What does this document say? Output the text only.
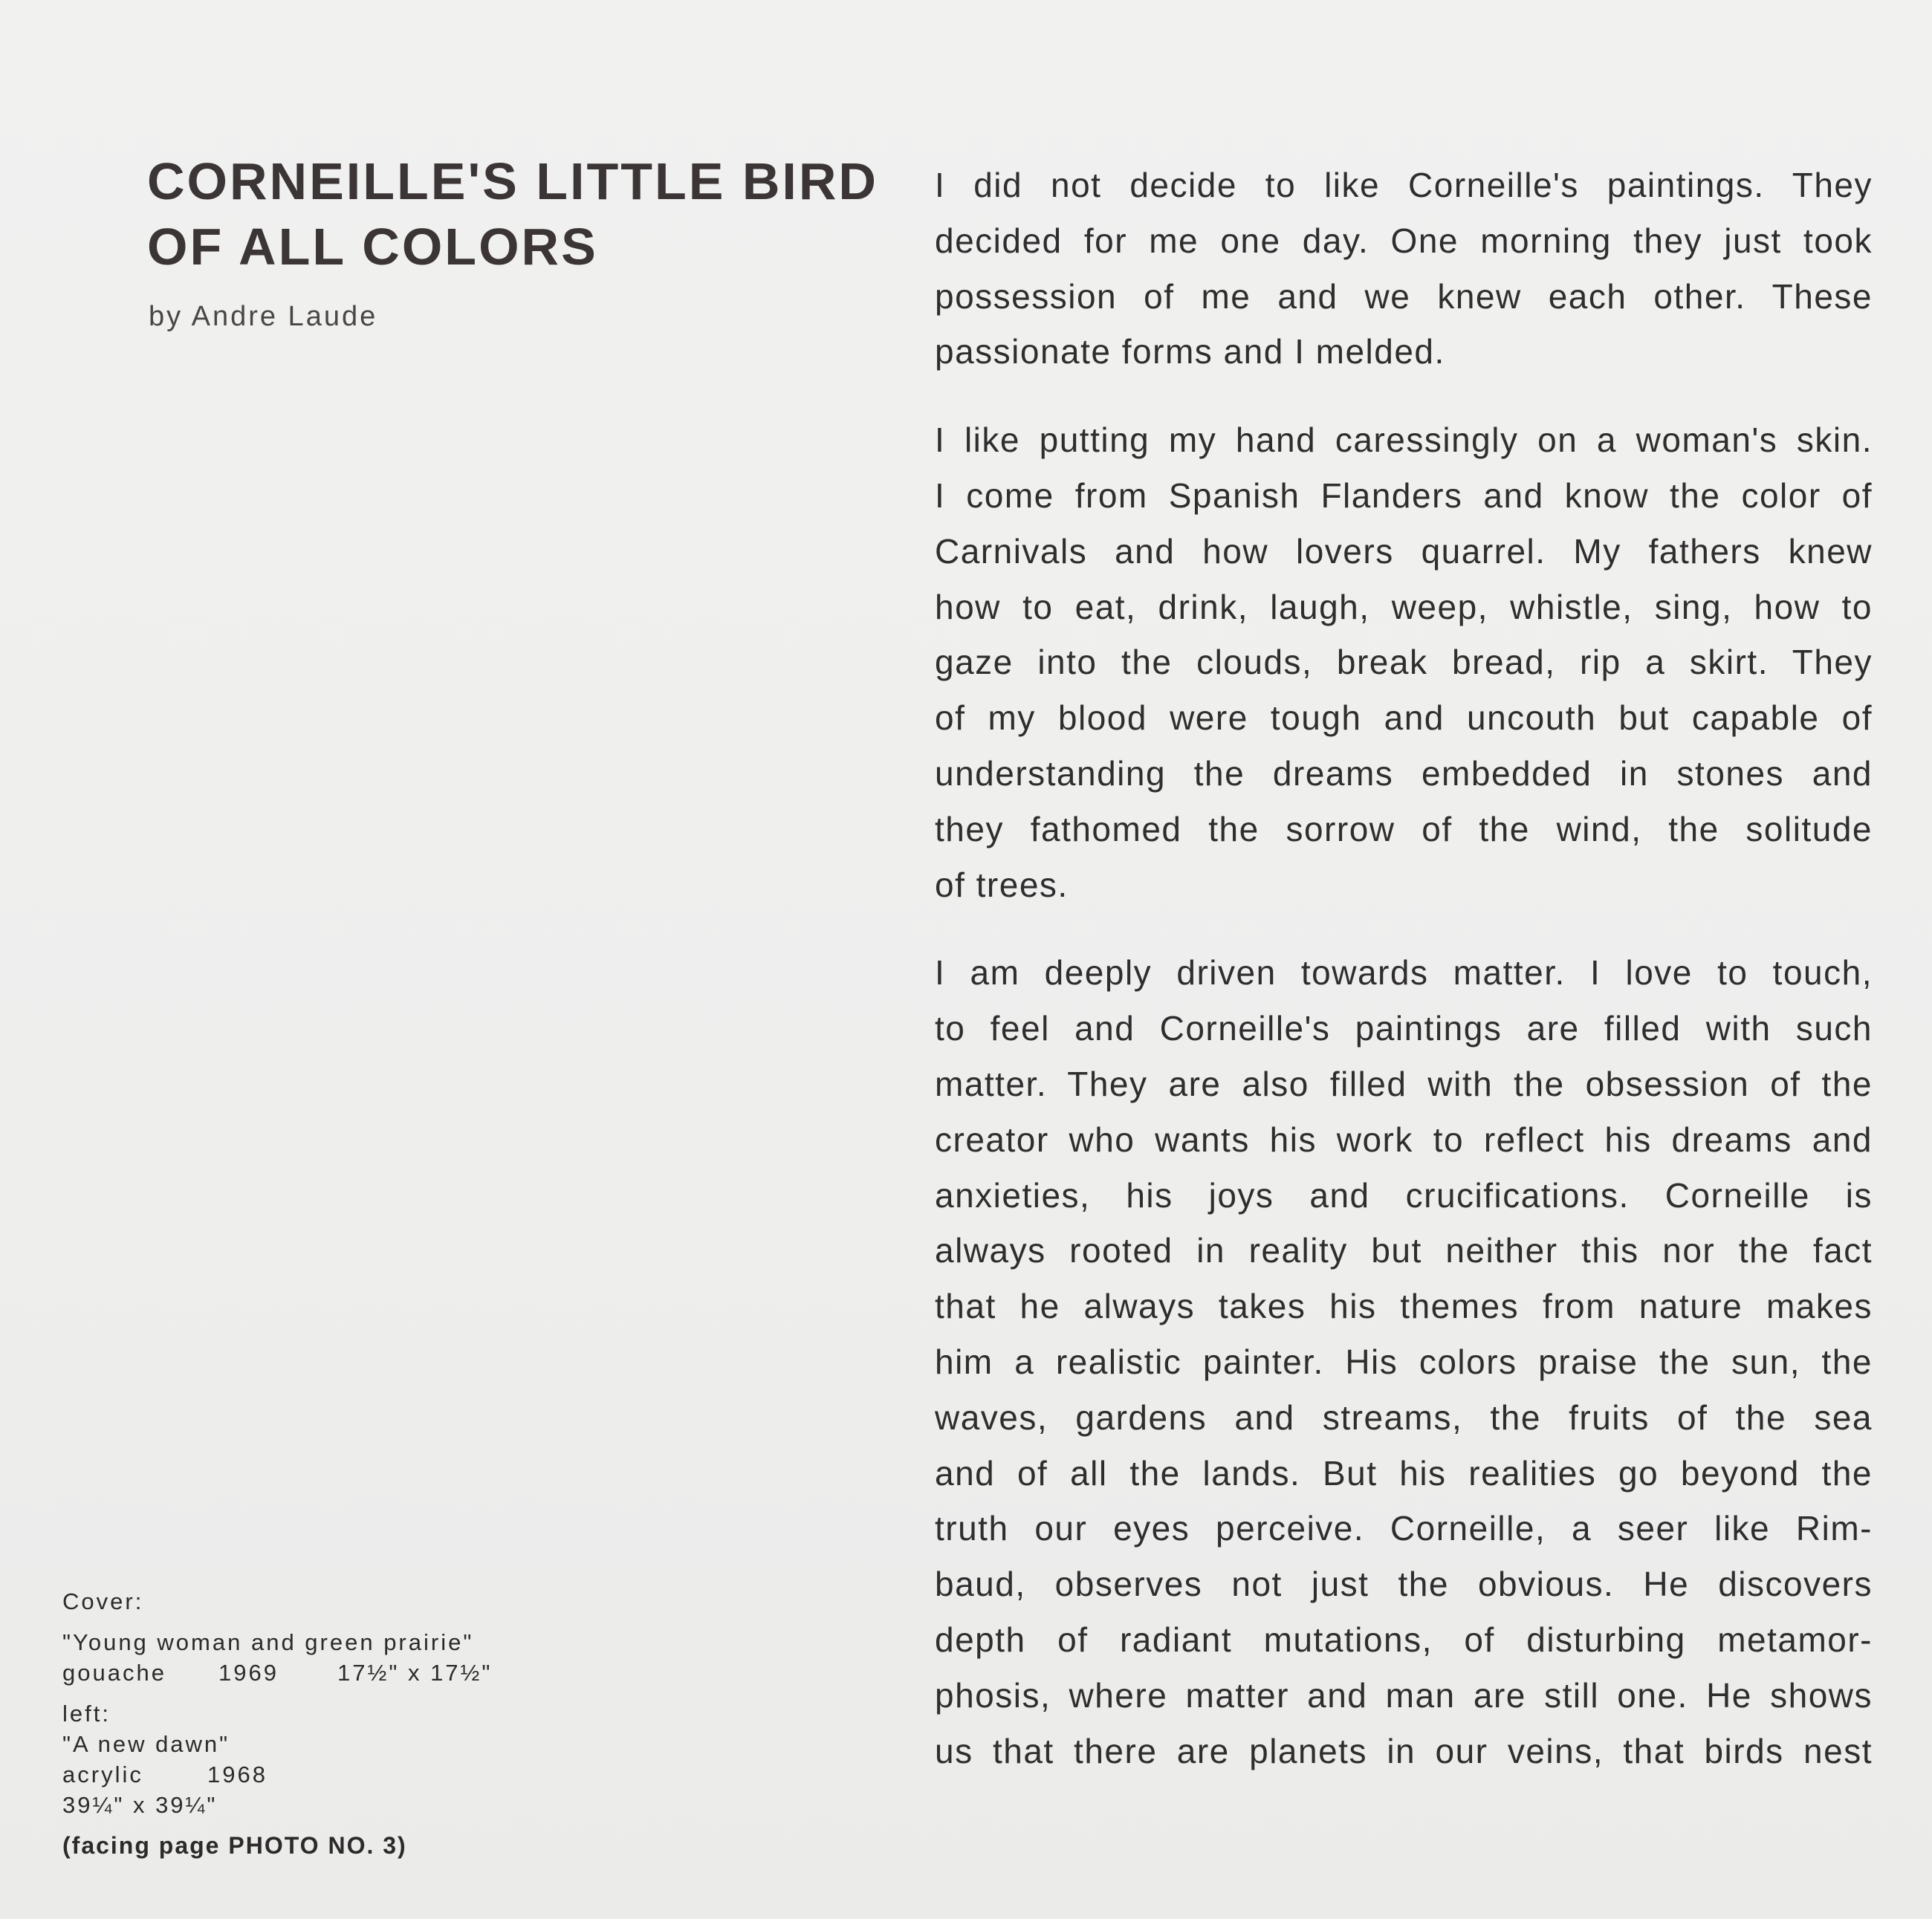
CORNEILLE'S LITTLE BIRD
OF ALL COLORS
by Andre Laude

I did not decide to like Corneille's paintings. They
decided for me one day. One morning they just took
possession of me and we knew each other. These
passionate forms and I melded.

I like putting my hand caressingly on a woman's skin.
I come from Spanish Flanders and know the color of
Carnivals and how lovers quarrel. My fathers knew
how to eat, drink, laugh, weep, whistle, sing, how to
gaze into the clouds, break bread, rip a skirt. They
of my blood were tough and uncouth but capable of
understanding the dreams embedded in stones and
they fathomed the sorrow of the wind, the solitude
of trees.

I am deeply driven towards matter. I love to touch,
to feel and Corneille's paintings are filled with such
matter. They are also filled with the obsession of the
creator who wants his work to reflect his dreams and
anxieties, his joys and crucifications. Corneille is
always rooted in reality but neither this nor the fact
that he always takes his themes from nature makes
him a realistic painter. His colors praise the sun, the
waves, gardens and streams, the fruits of the sea
and of all the lands. But his realities go beyond the
truth our eyes perceive. Corneille, a seer like Rim-
baud, observes not just the obvious. He discovers
depth of radiant mutations, of disturbing metamor-
phosis, where matter and man are still one. He shows
us that there are planets in our veins, that birds nest

Cover:
"Young woman and green prairie"
gouache	1969	17½" x 17½"
left:
"A new dawn"
acrylic	1968
39¼" x 39¼"
(facing page PHOTO NO. 3)
